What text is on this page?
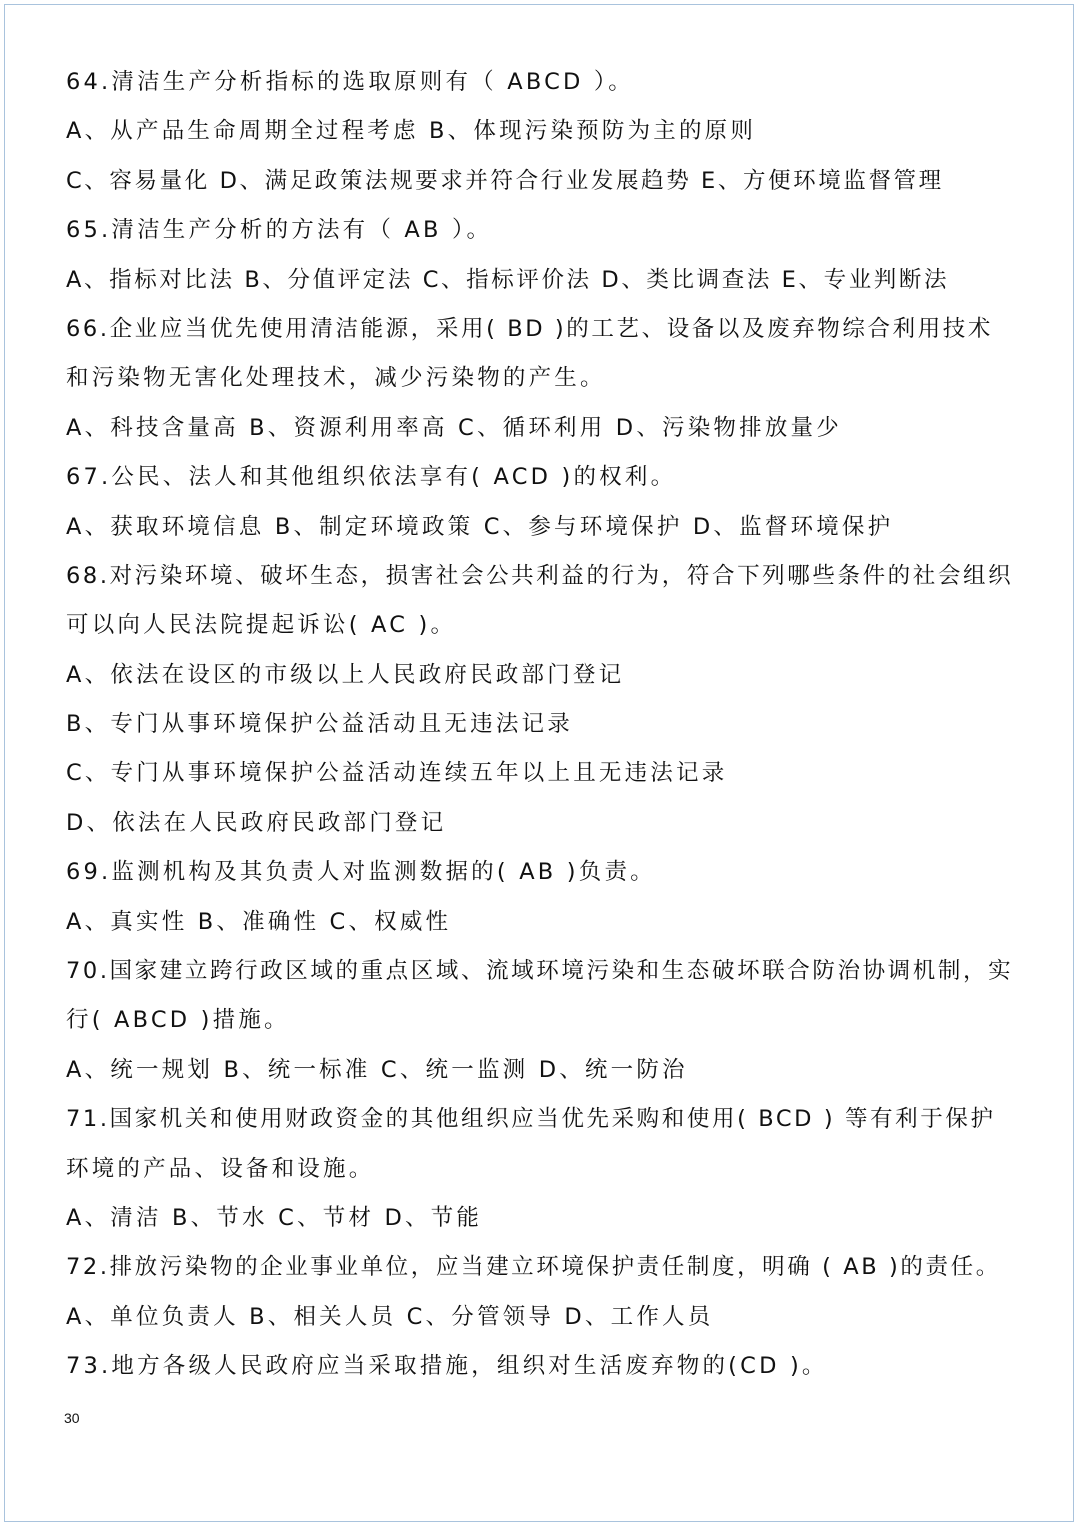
64.清洁生产分析指标的选取原则有（ ABCD ）。
A、从产品生命周期全过程考虑 B、体现污染预防为主的原则
C、容易量化 D、满足政策法规要求并符合行业发展趋势 E、方便环境监督管理
65.清洁生产分析的方法有（ AB ）。
A、指标对比法 B、分值评定法 C、指标评价法 D、类比调查法 E、专业判断法
66.企业应当优先使用清洁能源，采用( BD )的工艺、设备以及废弃物综合利用技术
和污染物无害化处理技术，减少污染物的产生。
A、科技含量高 B、资源利用率高 C、循环利用 D、污染物排放量少
67.公民、法人和其他组织依法享有( ACD )的权利。
A、获取环境信息 B、制定环境政策 C、参与环境保护 D、监督环境保护
68.对污染环境、破坏生态，损害社会公共利益的行为，符合下列哪些条件的社会组织
可以向人民法院提起诉讼( AC )。
A、依法在设区的市级以上人民政府民政部门登记
B、专门从事环境保护公益活动且无违法记录
C、专门从事环境保护公益活动连续五年以上且无违法记录
D、依法在人民政府民政部门登记
69.监测机构及其负责人对监测数据的( AB )负责。
A、真实性 B、准确性 C、权威性
70.国家建立跨行政区域的重点区域、流域环境污染和生态破坏联合防治协调机制，实
行( ABCD )措施。
A、统一规划 B、统一标准 C、统一监测 D、统一防治
71.国家机关和使用财政资金的其他组织应当优先采购和使用( BCD ) 等有利于保护
环境的产品、设备和设施。
A、清洁 B、节水 C、节材 D、节能
72.排放污染物的企业事业单位，应当建立环境保护责任制度，明确 ( AB )的责任。
A、单位负责人 B、相关人员 C、分管领导 D、工作人员
73.地方各级人民政府应当采取措施，组织对生活废弃物的(CD )。
30
